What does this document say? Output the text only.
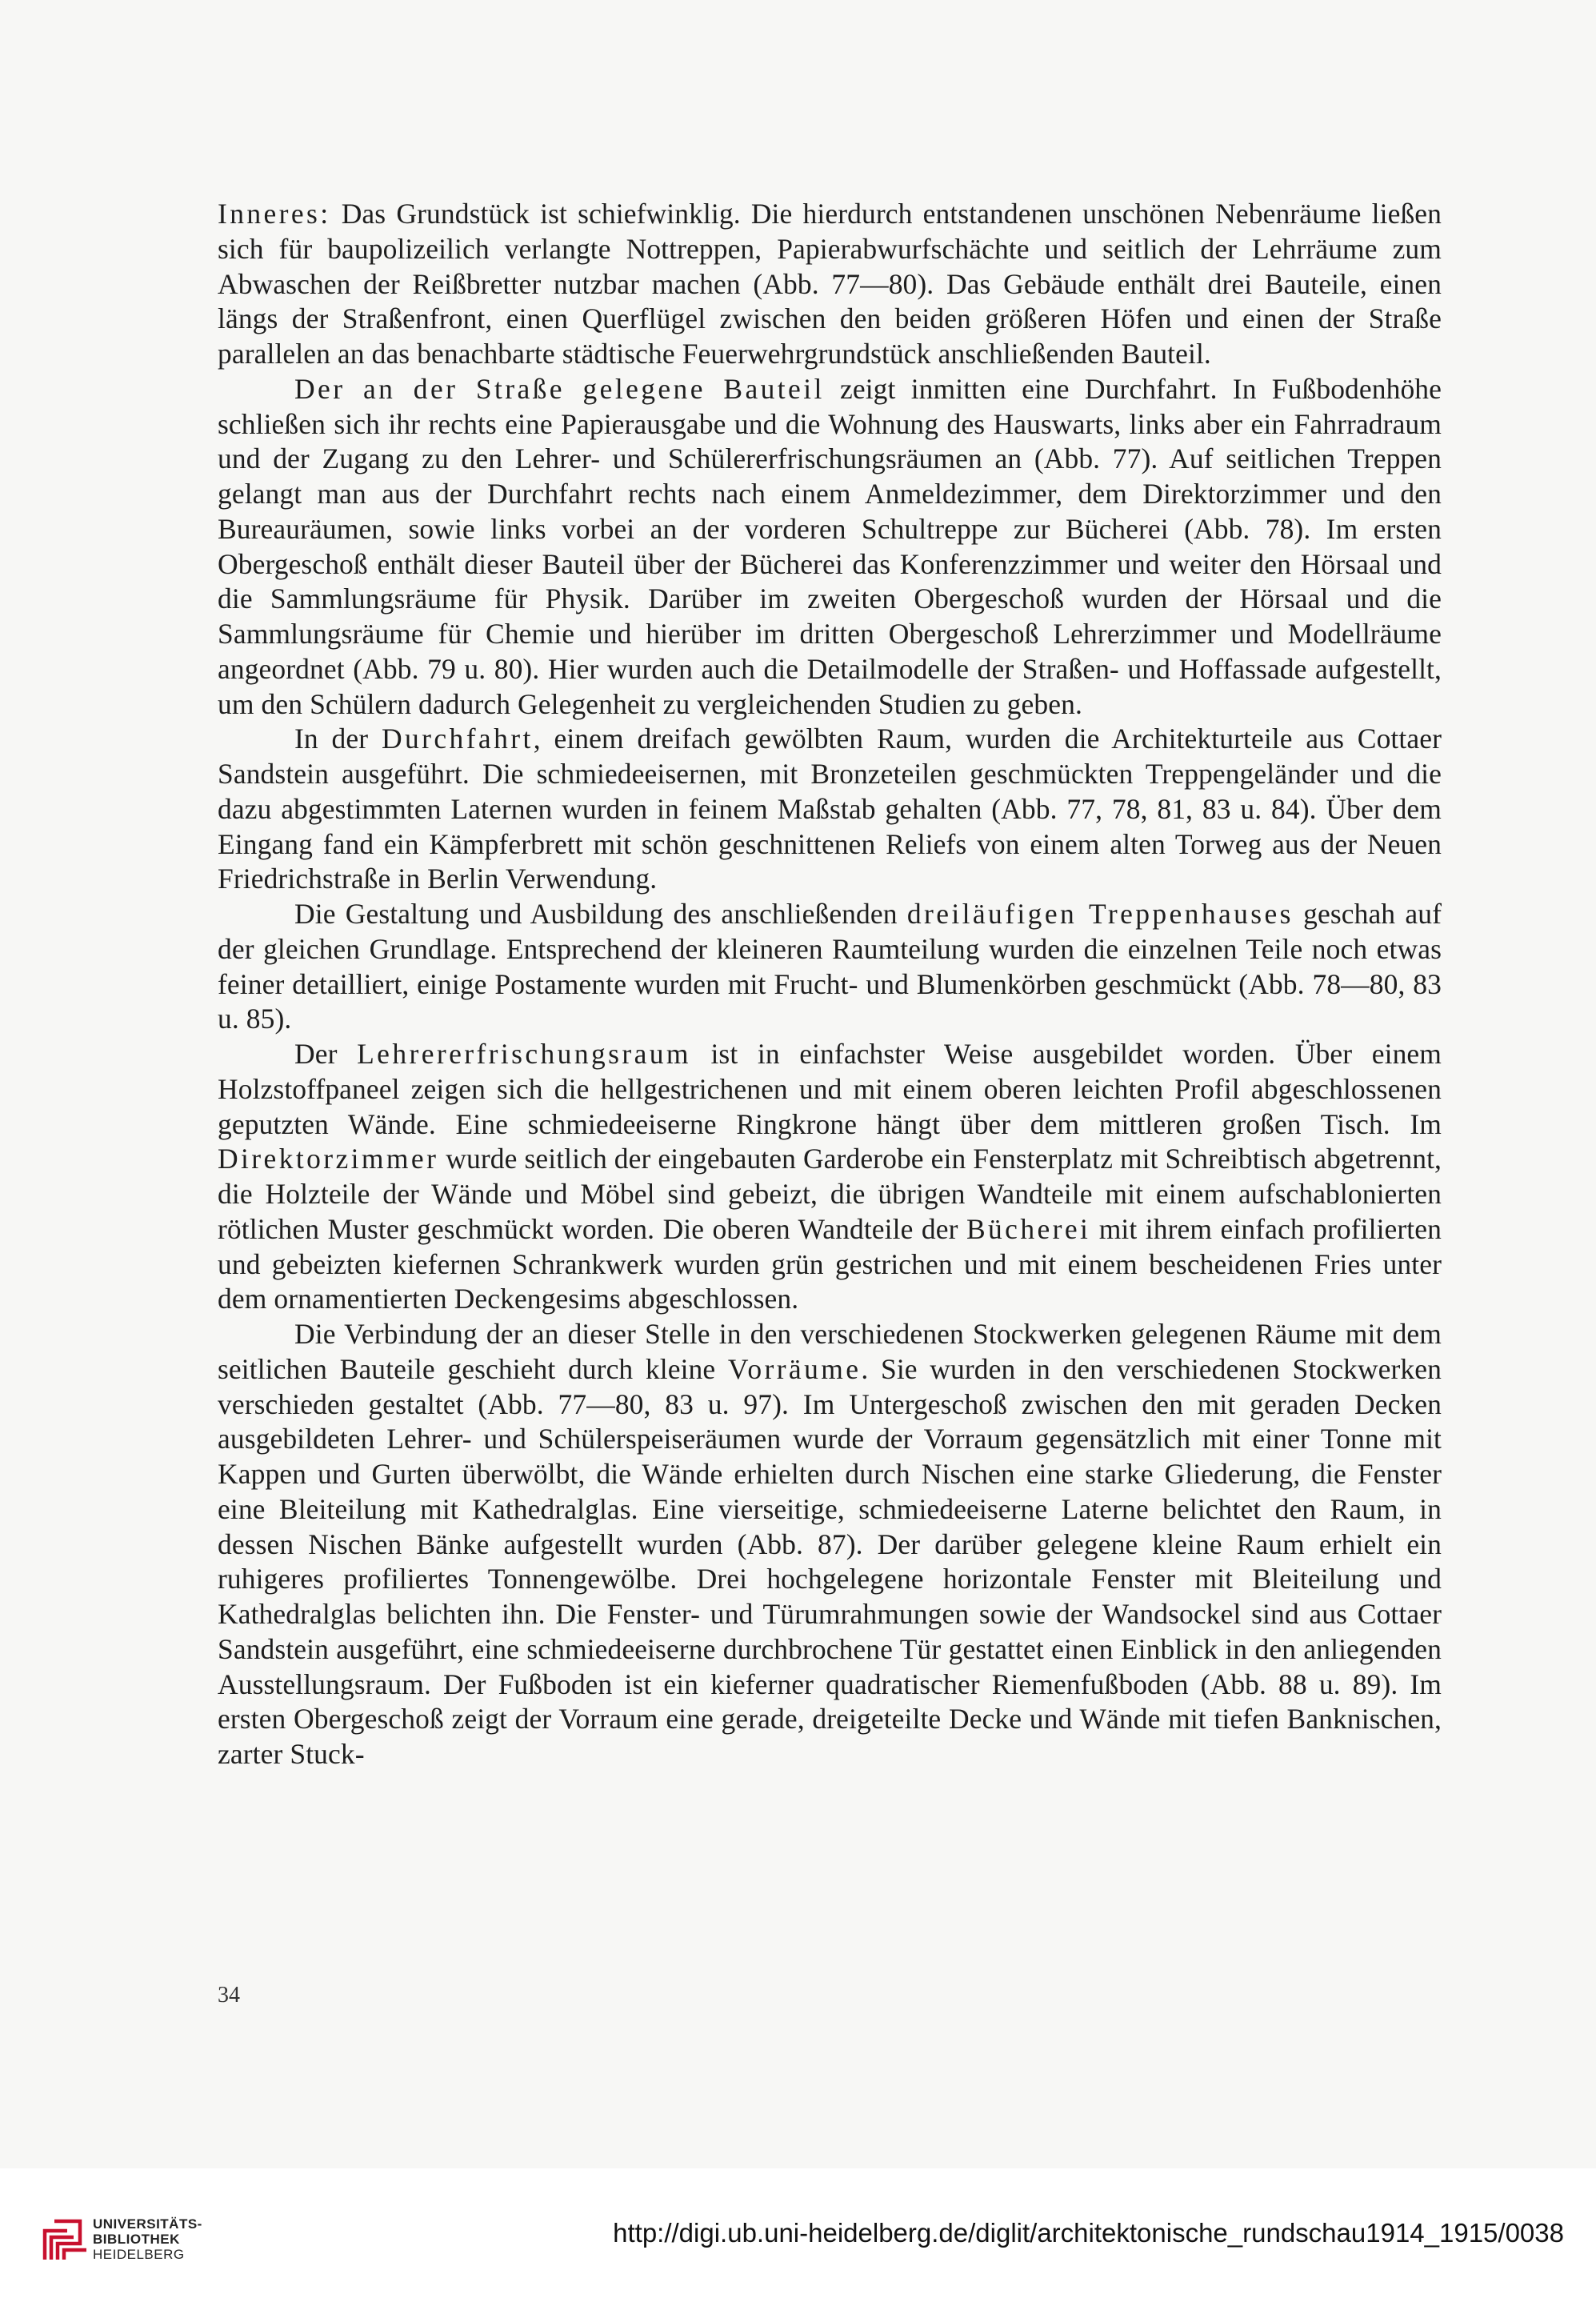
Inneres: Das Grundstück ist schiefwinklig. Die hierdurch entstandenen unschönen Nebenräume ließen sich für baupolizeilich verlangte Nottreppen, Papierabwurfschächte und seitlich der Lehrräume zum Abwaschen der Reißbretter nutzbar machen (Abb. 77—80). Das Gebäude enthält drei Bauteile, einen längs der Straßenfront, einen Querflügel zwischen den beiden größeren Höfen und einen der Straße parallelen an das benachbarte städtische Feuerwehrgrundstück anschließenden Bauteil.

Der an der Straße gelegene Bauteil zeigt inmitten eine Durchfahrt. In Fußbodenhöhe schließen sich ihr rechts eine Papierausgabe und die Wohnung des Hauswarts, links aber ein Fahrradraum und der Zugang zu den Lehrer- und Schülererfrischungsräumen an (Abb. 77). Auf seitlichen Treppen gelangt man aus der Durchfahrt rechts nach einem Anmeldezimmer, dem Direktorzimmer und den Bureauräumen, sowie links vorbei an der vorderen Schultreppe zur Bücherei (Abb. 78). Im ersten Obergeschoß enthält dieser Bauteil über der Bücherei das Konferenzzimmer und weiter den Hörsaal und die Sammlungsräume für Physik. Darüber im zweiten Obergeschoß wurden der Hörsaal und die Sammlungsräume für Chemie und hierüber im dritten Obergeschoß Lehrerzimmer und Modellräume angeordnet (Abb. 79 u. 80). Hier wurden auch die Detailmodelle der Straßen- und Hoffassade aufgestellt, um den Schülern dadurch Gelegenheit zu vergleichenden Studien zu geben.

In der Durchfahrt, einem dreifach gewölbten Raum, wurden die Architekturteile aus Cottaer Sandstein ausgeführt. Die schmiedeeisernen, mit Bronzeteilen geschmückten Treppengeländer und die dazu abgestimmten Laternen wurden in feinem Maßstab gehalten (Abb. 77, 78, 81, 83 u. 84). Über dem Eingang fand ein Kämpferbrett mit schön geschnittenen Reliefs von einem alten Torweg aus der Neuen Friedrichstraße in Berlin Verwendung.

Die Gestaltung und Ausbildung des anschließenden dreiläufigen Treppenhauses geschah auf der gleichen Grundlage. Entsprechend der kleineren Raumteilung wurden die einzelnen Teile noch etwas feiner detailliert, einige Postamente wurden mit Frucht- und Blumenkörben geschmückt (Abb. 78—80, 83 u. 85).

Der Lehrererfrischungsraum ist in einfachster Weise ausgebildet worden. Über einem Holzstoffpaneel zeigen sich die hellgestrichenen und mit einem oberen leichten Profil abgeschlossenen geputzten Wände. Eine schmiedeeiserne Ringkrone hängt über dem mittleren großen Tisch. Im Direktorzimmer wurde seitlich der eingebauten Garderobe ein Fensterplatz mit Schreibtisch abgetrennt, die Holzteile der Wände und Möbel sind gebeizt, die übrigen Wandteile mit einem aufschablonierten rötlichen Muster geschmückt worden. Die oberen Wandteile der Bücherei mit ihrem einfach profilierten und gebeizten kiefernen Schrankwerk wurden grün gestrichen und mit einem bescheidenen Fries unter dem ornamentierten Deckengesims abgeschlossen.

Die Verbindung der an dieser Stelle in den verschiedenen Stockwerken gelegenen Räume mit dem seitlichen Bauteile geschieht durch kleine Vorräume. Sie wurden in den verschiedenen Stockwerken verschieden gestaltet (Abb. 77—80, 83 u. 97). Im Untergeschoß zwischen den mit geraden Decken ausgebildeten Lehrer- und Schülerspeiseräumen wurde der Vorraum gegensätzlich mit einer Tonne mit Kappen und Gurten überwölbt, die Wände erhielten durch Nischen eine starke Gliederung, die Fenster eine Bleiteilung mit Kathedralglas. Eine vierseitige, schmiedeeiserne Laterne belichtet den Raum, in dessen Nischen Bänke aufgestellt wurden (Abb. 87). Der darüber gelegene kleine Raum erhielt ein ruhigeres profiliertes Tonnengewölbe. Drei hochgelegene horizontale Fenster mit Bleiteilung und Kathedralglas belichten ihn. Die Fenster- und Türumrahmungen sowie der Wandsockel sind aus Cottaer Sandstein ausgeführt, eine schmiedeeiserne durchbrochene Tür gestattet einen Einblick in den anliegenden Ausstellungsraum. Der Fußboden ist ein kieferner quadratischer Riemenfußboden (Abb. 88 u. 89). Im ersten Obergeschoß zeigt der Vorraum eine gerade, dreigeteilte Decke und Wände mit tiefen Banknischen, zarter Stuck-

34
UNIVERSITÄTS-
BIBLIOTHEK
HEIDELBERG
http://digi.ub.uni-heidelberg.de/diglit/architektonische_rundschau1914_1915/0038
